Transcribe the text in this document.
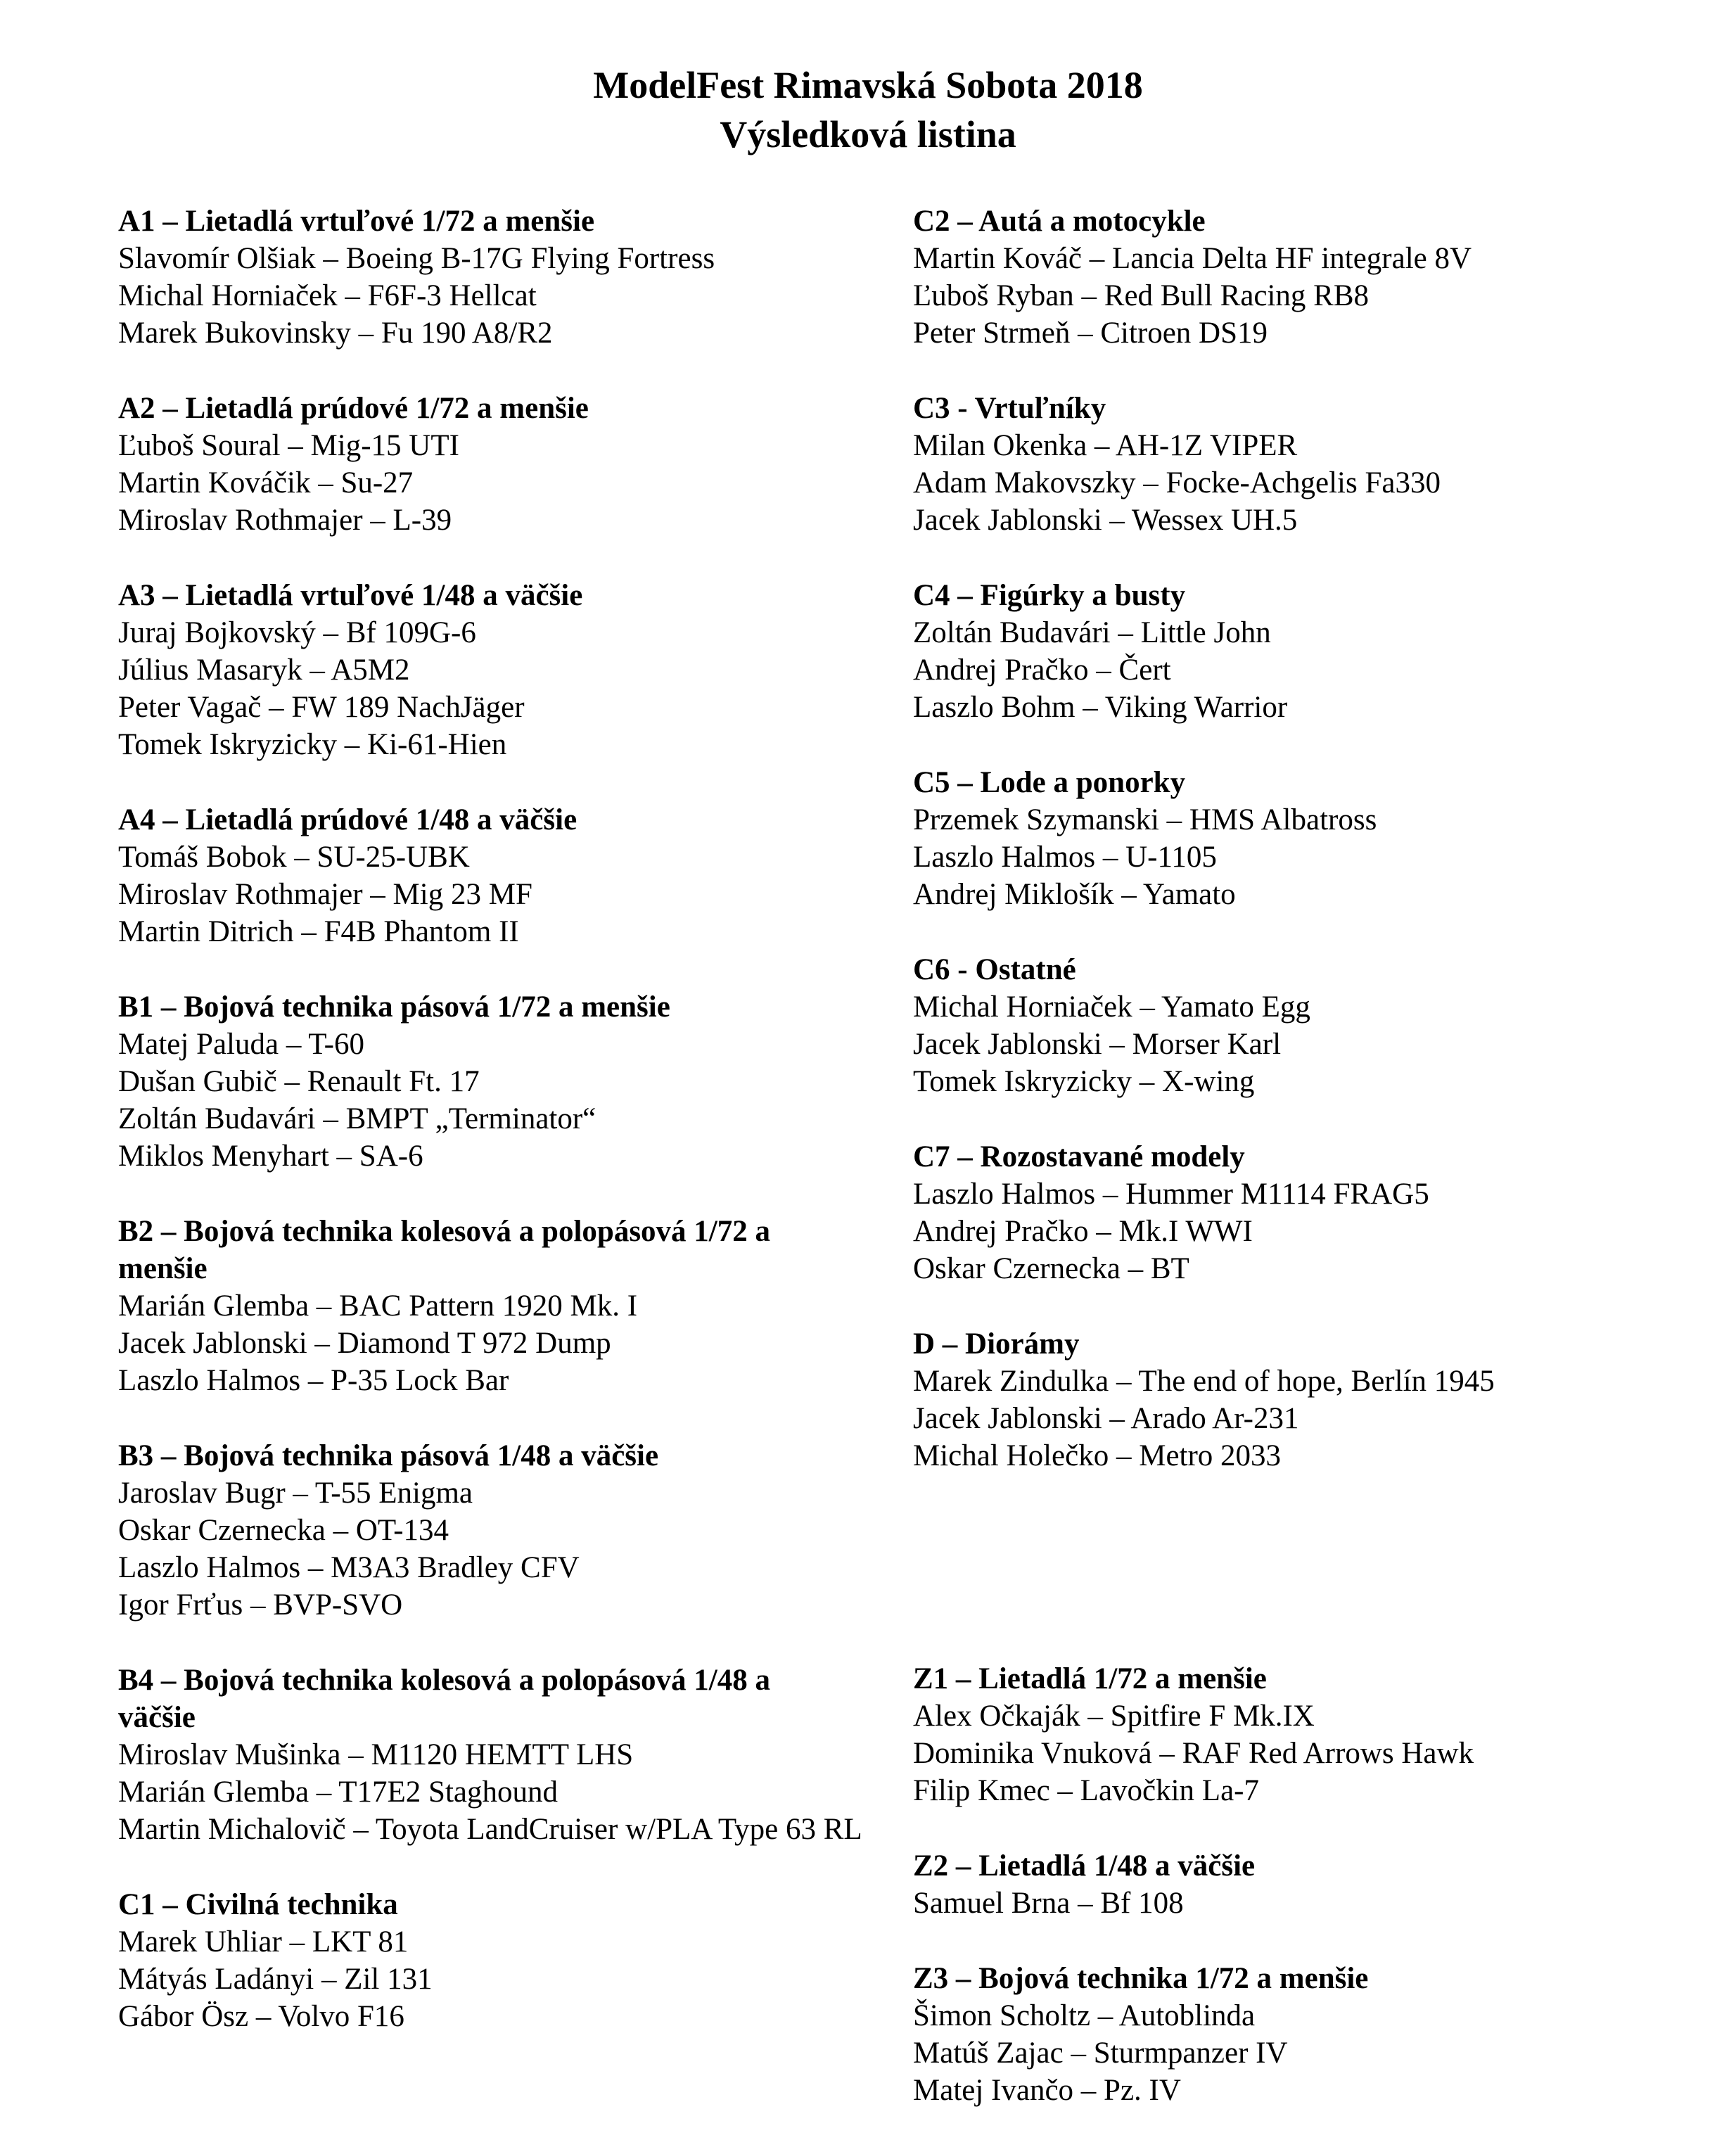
ModelFest Rimavská Sobota 2018
Výsledková listina
A1 – Lietadlá vrtuľové 1/72 a menšie
Slavomír Olšiak – Boeing B-17G Flying Fortress
Michal Horniaček – F6F-3 Hellcat
Marek Bukovinsky – Fu 190 A8/R2
A2 – Lietadlá prúdové 1/72 a menšie
Ľuboš Soural – Mig-15 UTI
Martin Kováčik – Su-27
Miroslav Rothmajer – L-39
A3 – Lietadlá vrtuľové 1/48 a väčšie
Juraj Bojkovský – Bf 109G-6
Július Masaryk – A5M2
Peter Vagač – FW 189 NachJäger
Tomek Iskryzicky – Ki-61-Hien
A4 – Lietadlá prúdové 1/48 a väčšie
Tomáš Bobok – SU-25-UBK
Miroslav Rothmajer – Mig 23 MF
Martin Ditrich – F4B Phantom II
B1 – Bojová technika pásová 1/72 a menšie
Matej Paluda – T-60
Dušan Gubič – Renault Ft. 17
Zoltán Budavári – BMPT „Terminator“
Miklos Menyhart – SA-6
B2 – Bojová technika kolesová a polopásová 1/72 a menšie
Marián Glemba – BAC Pattern 1920 Mk. I
Jacek Jablonski – Diamond T 972 Dump
Laszlo Halmos – P-35 Lock Bar
B3 – Bojová technika pásová 1/48 a väčšie
Jaroslav Bugr – T-55 Enigma
Oskar Czernecka – OT-134
Laszlo Halmos – M3A3 Bradley CFV
Igor Frťus – BVP-SVO
B4 – Bojová technika kolesová a polopásová 1/48 a väčšie
Miroslav Mušinka – M1120 HEMTT LHS
Marián Glemba – T17E2 Staghound
Martin Michalovič – Toyota LandCruiser w/PLA Type 63 RL
C1 – Civilná technika
Marek Uhliar – LKT 81
Mátyás Ladányi – Zil 131
Gábor Ösz – Volvo F16
C2 – Autá a motocykle
Martin Kováč – Lancia Delta HF integrale 8V
Ľuboš Ryban – Red Bull Racing RB8
Peter Strmeň – Citroen DS19
C3 - Vrtuľníky
Milan Okenka – AH-1Z VIPER
Adam Makovszky – Focke-Achgelis Fa330
Jacek Jablonski – Wessex UH.5
C4 – Figúrky a busty
Zoltán Budavári – Little John
Andrej Pračko – Čert
Laszlo Bohm – Viking Warrior
C5 – Lode a ponorky
Przemek Szymanski – HMS Albatross
Laszlo Halmos – U-1105
Andrej Miklošík – Yamato
C6 - Ostatné
Michal Horniaček – Yamato Egg
Jacek Jablonski – Morser Karl
Tomek Iskryzicky – X-wing
C7 – Rozostavané modely
Laszlo Halmos – Hummer M1114 FRAG5
Andrej Pračko – Mk.I WWI
Oskar Czernecka – BT
D – Diorámy
Marek Zindulka – The end of hope, Berlín 1945
Jacek Jablonski – Arado Ar-231
Michal Holečko – Metro 2033
Z1 – Lietadlá 1/72 a menšie
Alex Očkaják – Spitfire F Mk.IX
Dominika Vnuková – RAF Red Arrows Hawk
Filip Kmec – Lavočkin La-7
Z2 – Lietadlá 1/48 a väčšie
Samuel Brna – Bf 108
Z3 – Bojová technika 1/72 a menšie
Šimon Scholtz – Autoblinda
Matúš Zajac – Sturmpanzer IV
Matej Ivančo – Pz. IV
